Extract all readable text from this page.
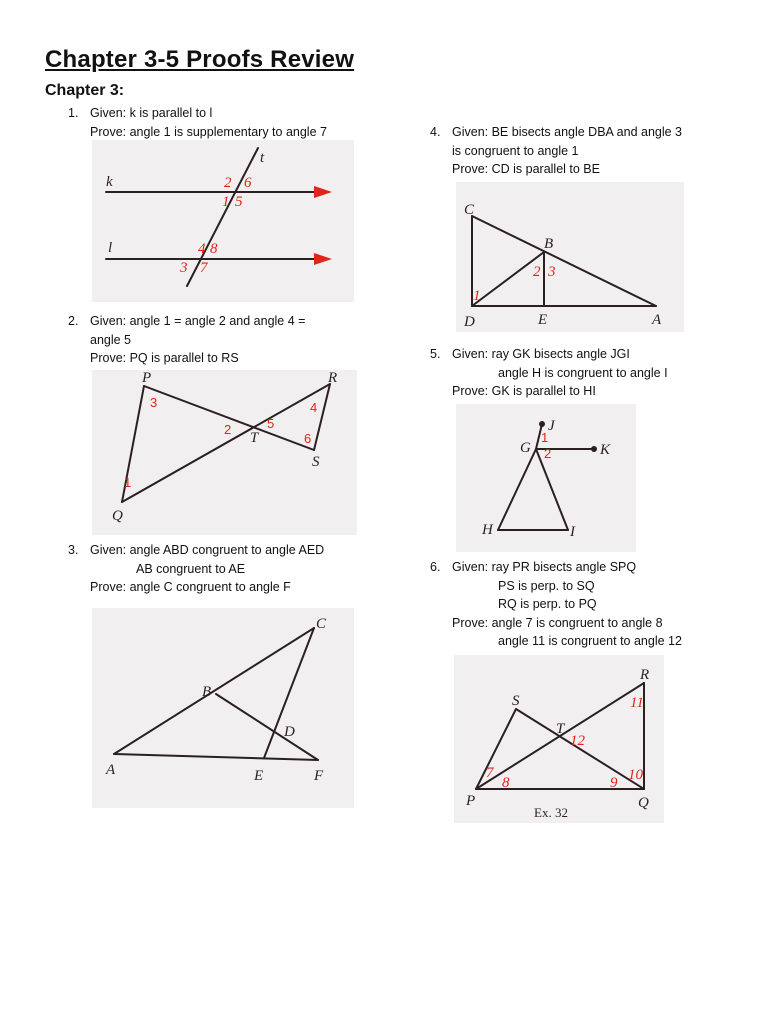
Chapter 3-5 Proofs Review
Chapter 3:
1. Given: k is parallel to l
Prove: angle 1 is supplementary to angle 7
2. Given: angle 1 = angle 2 and angle 4 =
angle 5
Prove: PQ is parallel to RS
3. Given: angle ABD congruent to angle AED
AB congruent to AE
Prove: angle C congruent to angle F
4. Given: BE bisects angle DBA and angle 3
is congruent to angle 1
Prove: CD is parallel to BE
5. Given: ray GK bisects angle JGI
angle H is congruent to angle I
Prove: GK is parallel to HI
6. Given: ray PR bisects angle SPQ
PS is perp. to SQ
RQ is perp. to PQ
Prove: angle 7 is congruent to angle 8
angle 11 is congruent to angle 12
k
l
t
2 6
1 5
4 8
3 7
P	R
T
S
Q
3	4
2	5
6
1
C
B
D
A	E	F
C
B
D	E	A
2 3
1
J
G	K
H	I
1
2
R
S
T
P	Q
11
12
7
8	9 10
Ex. 32
